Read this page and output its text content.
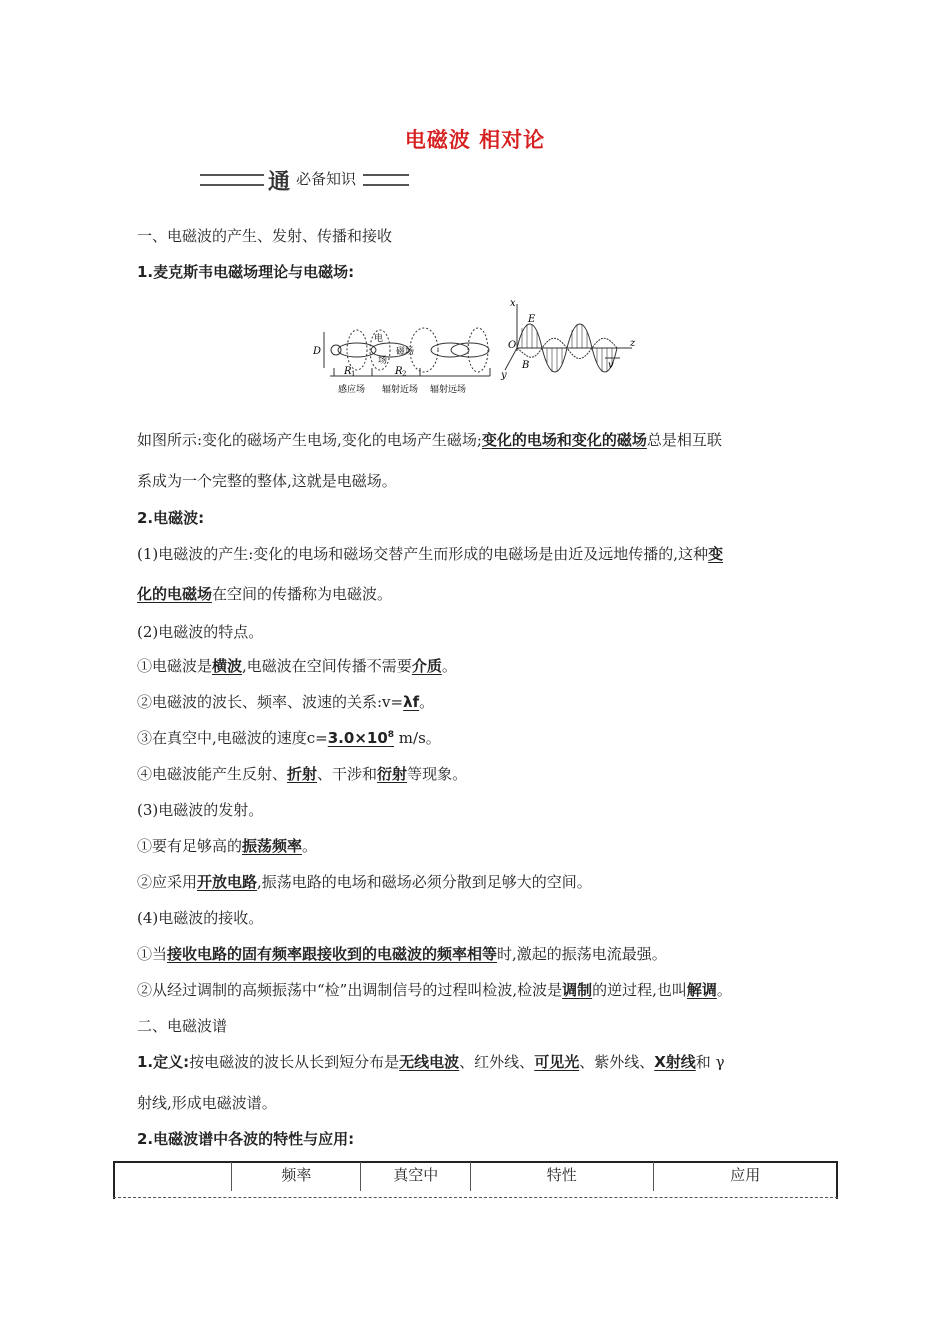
电磁波 相对论
通 必备知识
一、电磁波的产生、发射、传播和接收
1.麦克斯韦电磁场理论与电磁场:
D
电
场
磁场
R 1	R 2
感应场 辐射近场 辐射远场
x
E
O	z
B
y
v
如图所示:变化的磁场产生电场,变化的电场产生磁场;变化的电场和变化的磁场总是相互联
系成为一个完整的整体,这就是电磁场。
2.电磁波:
(1)电磁波的产生:变化的电场和磁场交替产生而形成的电磁场是由近及远地传播的,这种变
化的电磁场在空间的传播称为电磁波。
(2)电磁波的特点。
①电磁波是横波,电磁波在空间传播不需要介质。
②电磁波的波长、频率、波速的关系:v=λf。
③在真空中,电磁波的速度$c=3.0\times 10^8$ m/s。
④电磁波能产生反射、折射、干涉和衍射等现象。
(3)电磁波的发射。
①要有足够高的振荡频率。
②应采用开放电路,振荡电路的电场和磁场必须分散到足够大的空间。
(4)电磁波的接收。
①当接收电路的固有频率跟接收到的电磁波的频率相等时,激起的振荡电流最强。
②从经过调制的高频振荡中“检”出调制信号的过程叫检波,检波是调制的逆过程,也叫解调。
二、电磁波谱
1.定义:按电磁波的波长从长到短分布是无线电波、红外线、可见光、紫外线、X射线和 γ
射线,形成电磁波谱。
2.电磁波谱中各波的特性与应用:
	频率	真空中	特性	应用
